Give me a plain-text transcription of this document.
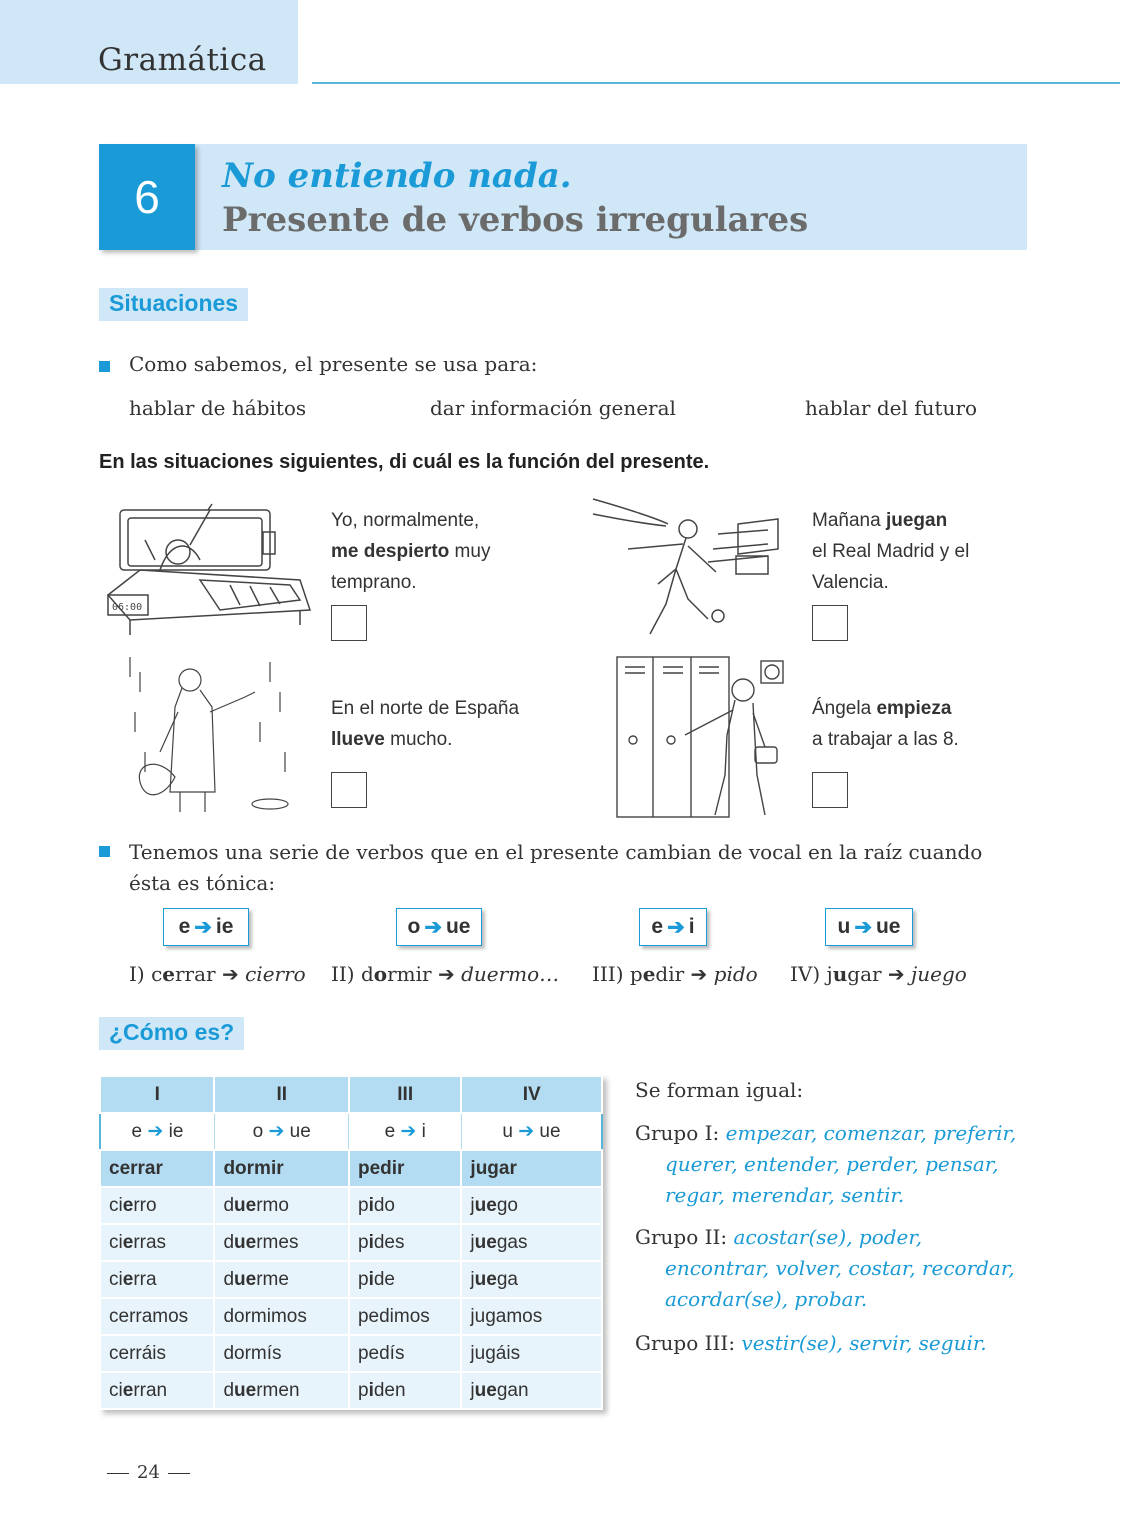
Gramática
6	No entiendo nada.
Presente de verbos irregulares
Situaciones
Como sabemos, el presente se usa para:
hablar de hábitos	dar información general	hablar del futuro
En las situaciones siguientes, di cuál es la función del presente.
06:00
Yo, normalmente,
me despierto muy temprano.
Mañana juegan
el Real Madrid y el Valencia.
En el norte de España
llueve mucho.
Ángela empieza
a trabajar a las 8.
Tenemos una serie de verbos que en el presente cambian de vocal en la raíz cuando ésta es tónica:
e ➔ ie	o ➔ ue	e ➔ i	u ➔ ue
I) cerrar ➔ cierro II) dormir ➔ duermo… III) pedir ➔ pido IV) jugar ➔ juego
¿Cómo es?
I	II	III	IV
e ➔ ie	o ➔ ue	e ➔ i	u ➔ ue
cerrar	dormir	pedir	jugar
cierro	duermo	pido	juego
cierras	duermes	pides	juegas
cierra	duerme	pide	juega
cerramos	dormimos	pedimos	jugamos
cerráis	dormís	pedís	jugáis
cierran	duermen	piden	juegan
Se forman igual:
Grupo I: empezar, comenzar, preferir, querer, entender, perder, pensar, regar, merendar, sentir.
Grupo II: acostar(se), poder, encontrar, volver, costar, recordar, acordar(se), probar.
Grupo III: vestir(se), servir, seguir.
24
